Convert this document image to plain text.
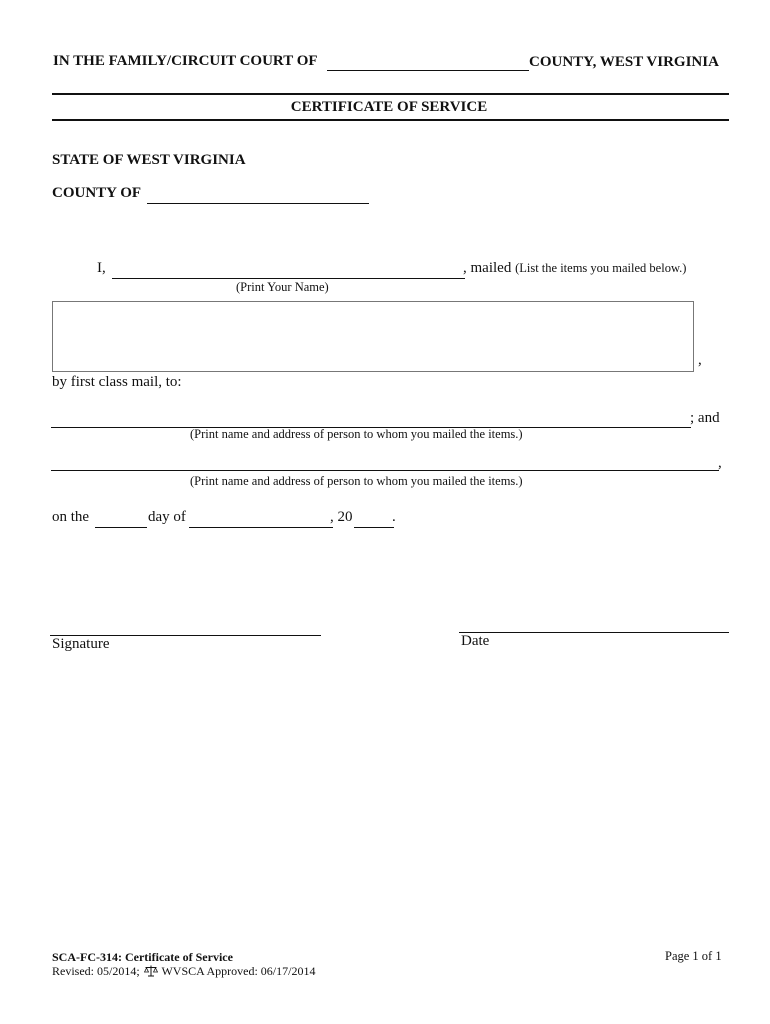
IN THE FAMILY/CIRCUIT COURT OF	COUNTY, WEST VIRGINIA
CERTIFICATE OF SERVICE
STATE OF WEST VIRGINIA
COUNTY OF
I,	, mailed (List the items you mailed below.)
(Print Your Name)
,
by first class mail, to:
; and
(Print name and address of person to whom you mailed the items.)
,
(Print name and address of person to whom you mailed the items.)
on the	day of	, 20	.
Signature	Date
SCA-FC-314: Certificate of Service
Revised: 05/2014; WVSCA Approved: 06/17/2014
Page 1 of 1
